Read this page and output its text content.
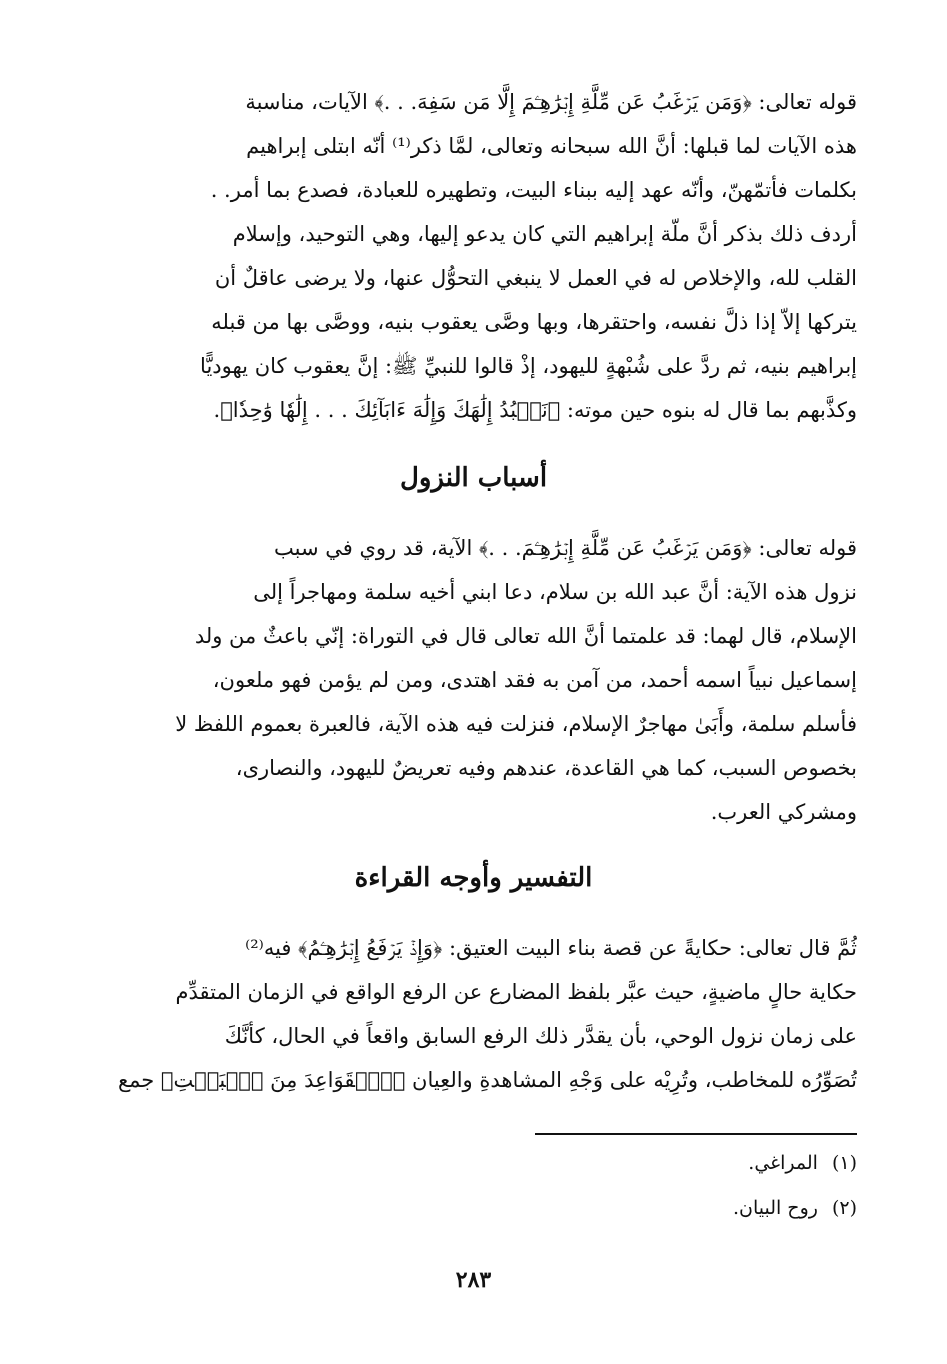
قوله تعالى: ﴿وَمَن يَرۡغَبُ عَن مِّلَّةِ إِبۡرَٰهِـۧمَ إِلَّا مَن سَفِهَ. . .﴾ الآيات، مناسبة
هذه الآيات لما قبلها: أنَّ الله سبحانه وتعالى، لمَّا ذكر⁽¹⁾ أنّه ابتلى إبراهيم
بكلمات فأتمّهنّ، وأنّه عهد إليه ببناء البيت، وتطهيره للعبادة، فصدع بما أمر. .
أردف ذلك بذكر أنَّ ملّة إبراهيم التي كان يدعو إليها، وهي التوحيد، وإسلام
القلب لله، والإخلاص له في العمل لا ينبغي التحوُّل عنها، ولا يرضى عاقلٌ أن
يتركها إلاّ إذا ذلَّ نفسه، واحتقرها، وبها وصَّى يعقوب بنيه، ووصَّى بها من قبله
إبراهيم بنيه، ثم ردَّ على شُبْهةٍ لليهود، إذْ قالوا للنبيِّ ﷺ: إنَّ يعقوب كان يهوديًّا
وكذَّبهم بما قال له بنوه حين موته: ﴿نَعۡبُدُ إِلَٰهَكَ وَإِلَٰهَ ءَابَآئِكَ . . . إِلَٰهٗا وَٰحِدٗا﴾.

أسباب النزول

قوله تعالى: ﴿وَمَن يَرۡغَبُ عَن مِّلَّةِ إِبۡرَٰهِـۧمَ. . .﴾ الآية، قد روي في سبب
نزول هذه الآية: أنَّ عبد الله بن سلام، دعا ابني أخيه سلمة ومهاجراً إلى
الإسلام، قال لهما: قد علمتما أنَّ الله تعالى قال في التوراة: إنّي باعثٌ من ولد
إسماعيل نبياً اسمه أحمد، من آمن به فقد اهتدى، ومن لم يؤمن فهو ملعون،
فأسلم سلمة، وأَبَىٰ مهاجرٌ الإسلام، فنزلت فيه هذه الآية، فالعبرة بعموم اللفظ لا
بخصوص السبب، كما هي القاعدة، عندهم وفيه تعريضٌ لليهود، والنصارى،
ومشركي العرب.

التفسير وأوجه القراءة

ثُمَّ قال تعالى: حكايةً عن قصة بناء البيت العتيق: ﴿وَإِذۡ يَرۡفَعُ إِبۡرَٰهِـۧمُ﴾ فيه⁽²⁾
حكاية حالٍ ماضيةٍ، حيث عبَّر بلفظ المضارع عن الرفع الواقع في الزمان المتقدِّم
على زمان نزول الوحي، بأن يقدَّر ذلك الرفع السابق واقعاً في الحال، كأنَّكَ
تُصَوِّرُه للمخاطب، وتُرِيْه على وَجْهِ المشاهدةِ والعِيان ﴿ٱلۡقَوَاعِدَ مِنَ ٱلۡبَيۡتِ﴾ جمع

(١)المراغي.
(٢)روح البيان.
٢٨٣
